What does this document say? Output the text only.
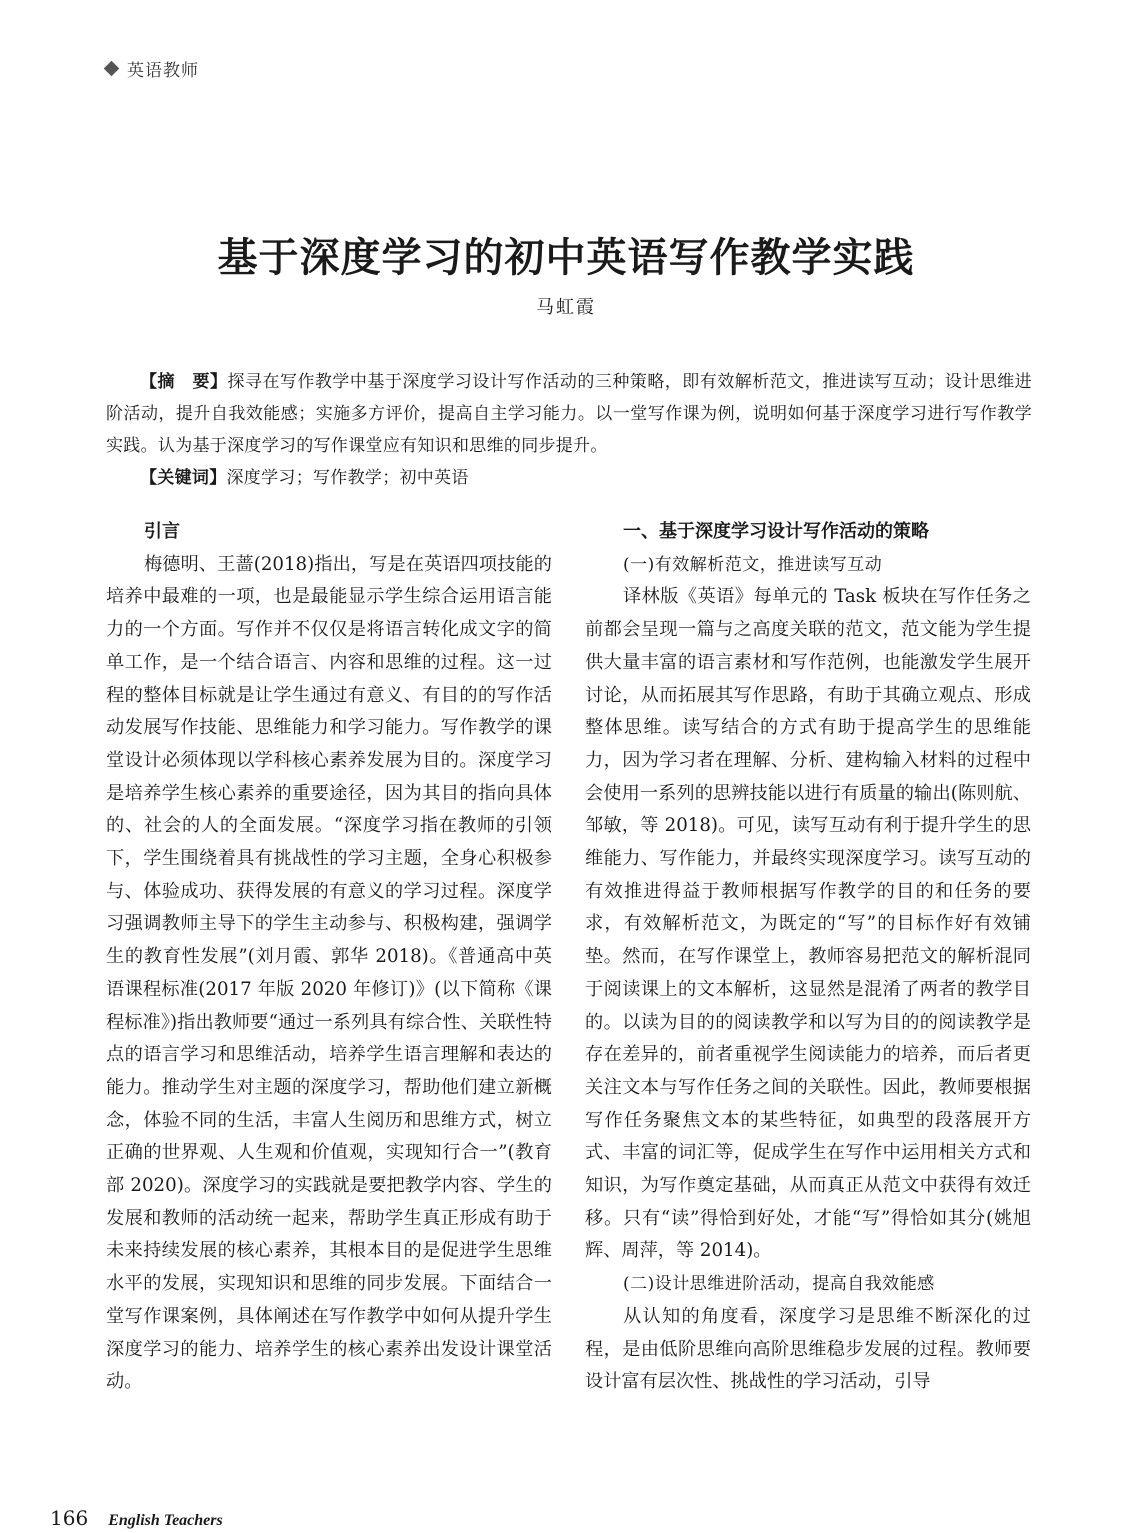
英语教师
基于深度学习的初中英语写作教学实践
马虹霞

【摘　要】探寻在写作教学中基于深度学习设计写作活动的三种策略，即有效解析范文，推进读写互动；设计思维进阶活动，提升自我效能感；实施多方评价，提高自主学习能力。以一堂写作课为例，说明如何基于深度学习进行写作教学实践。认为基于深度学习的写作课堂应有知识和思维的同步提升。

【关键词】深度学习；写作教学；初中英语

引言

梅德明、王蔷(2018)指出，写是在英语四项技能的培养中最难的一项，也是最能显示学生综合运用语言能力的一个方面。写作并不仅仅是将语言转化成文字的简单工作，是一个结合语言、内容和思维的过程。这一过程的整体目标就是让学生通过有意义、有目的的写作活动发展写作技能、思维能力和学习能力。写作教学的课堂设计必须体现以学科核心素养发展为目的。深度学习是培养学生核心素养的重要途径，因为其目的指向具体的、社会的人的全面发展。“深度学习指在教师的引领下，学生围绕着具有挑战性的学习主题，全身心积极参与、体验成功、获得发展的有意义的学习过程。深度学习强调教师主导下的学生主动参与、积极构建，强调学生的教育性发展”(刘月霞、郭华 2018)。《普通高中英语课程标准(2017 年版 2020 年修订)》(以下简称《课程标准》)指出教师要“通过一系列具有综合性、关联性特点的语言学习和思维活动，培养学生语言理解和表达的能力。推动学生对主题的深度学习，帮助他们建立新概念，体验不同的生活，丰富人生阅历和思维方式，树立正确的世界观、人生观和价值观，实现知行合一”(教育部 2020)。深度学习的实践就是要把教学内容、学生的发展和教师的活动统一起来，帮助学生真正形成有助于未来持续发展的核心素养，其根本目的是促进学生思维水平的发展，实现知识和思维的同步发展。下面结合一堂写作课案例，具体阐述在写作教学中如何从提升学生深度学习的能力、培养学生的核心素养出发设计课堂活动。

一、基于深度学习设计写作活动的策略
(一)有效解析范文，推进读写互动

译林版《英语》每单元的 Task 板块在写作任务之前都会呈现一篇与之高度关联的范文，范文能为学生提供大量丰富的语言素材和写作范例，也能激发学生展开讨论，从而拓展其写作思路，有助于其确立观点、形成整体思维。读写结合的方式有助于提高学生的思维能力，因为学习者在理解、分析、建构输入材料的过程中会使用一系列的思辨技能以进行有质量的输出(陈则航、邹敏，等 2018)。可见，读写互动有利于提升学生的思维能力、写作能力，并最终实现深度学习。读写互动的有效推进得益于教师根据写作教学的目的和任务的要求，有效解析范文，为既定的“写”的目标作好有效铺垫。然而，在写作课堂上，教师容易把范文的解析混同于阅读课上的文本解析，这显然是混淆了两者的教学目的。以读为目的的阅读教学和以写为目的的阅读教学是存在差异的，前者重视学生阅读能力的培养，而后者更关注文本与写作任务之间的关联性。因此，教师要根据写作任务聚焦文本的某些特征，如典型的段落展开方式、丰富的词汇等，促成学生在写作中运用相关方式和知识，为写作奠定基础，从而真正从范文中获得有效迁移。只有“读”得恰到好处，才能“写”得恰如其分(姚旭辉、周萍，等 2014)。

(二)设计思维进阶活动，提高自我效能感

从认知的角度看，深度学习是思维不断深化的过程，是由低阶思维向高阶思维稳步发展的过程。教师要设计富有层次性、挑战性的学习活动，引导

166 English Teachers
